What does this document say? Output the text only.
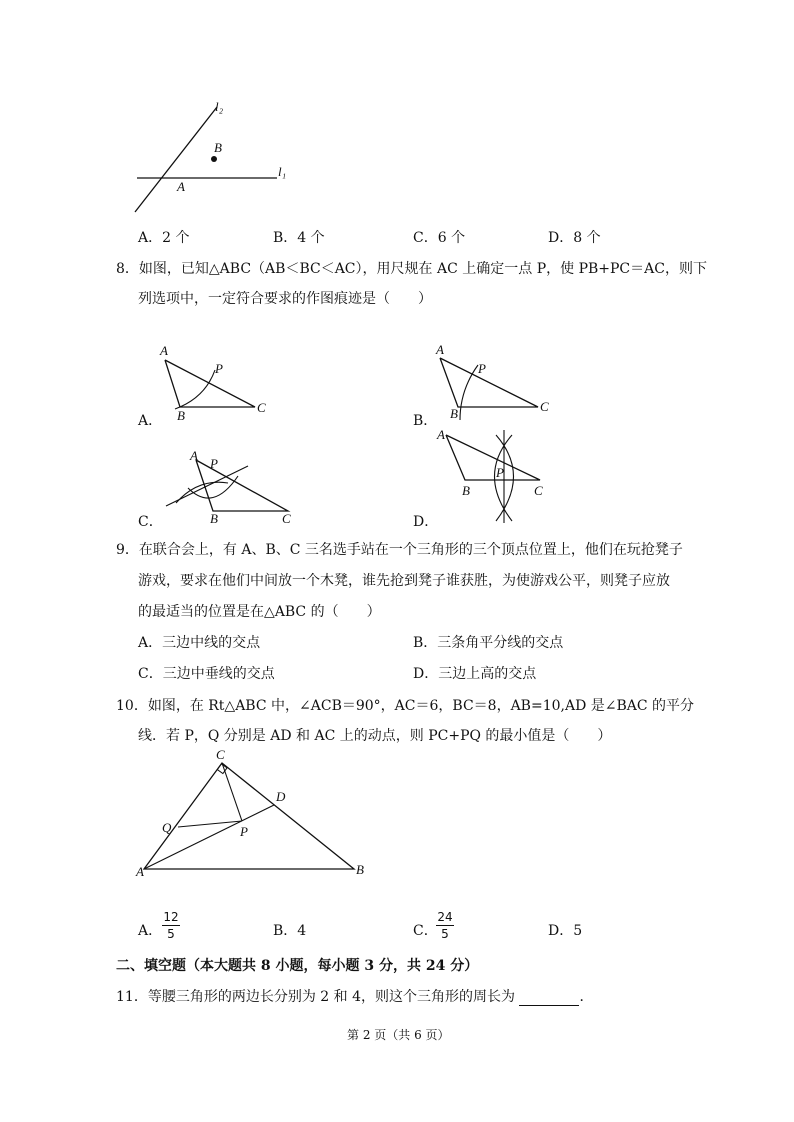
l₂
B
l₁
A
A．2 个	B．4 个	C．6 个	D．8 个
8．如图，已知△ABC（AB＜BC＜AC），用尺规在 AC 上确定一点 P，使 PB+PC＝AC，则下
列选项中，一定符合要求的作图痕迹是（　　）
A
P
B
C
A．
A
P
B	C
B．
A
P
B	C
C．
A
P
B	C
D．
9．在联合会上，有 A、B、C 三名选手站在一个三角形的三个顶点位置上，他们在玩抢凳子
游戏，要求在他们中间放一个木凳，谁先抢到凳子谁获胜，为使游戏公平，则凳子应放
的最适当的位置是在△ABC 的（　　）
A．三边中线的交点	B．三条角平分线的交点
C．三边中垂线的交点	D．三边上高的交点
10．如图，在 Rt△ABC 中，∠ACB＝90°，AC＝6，BC＝8，AB=10,AD 是∠BAC 的平分
线．若 P，Q 分别是 AD 和 AC 上的动点，则 PC+PQ 的最小值是（　　）
C
D
Q	P
A	B
A．
12
5	B．4	C．
24
5	D．5
二、填空题（本大题共 8 小题，每小题 3 分，共 24 分）
11．等腰三角形的两边长分别为 2 和 4，则这个三角形的周长为	．
第 2 页（共 6 页）
